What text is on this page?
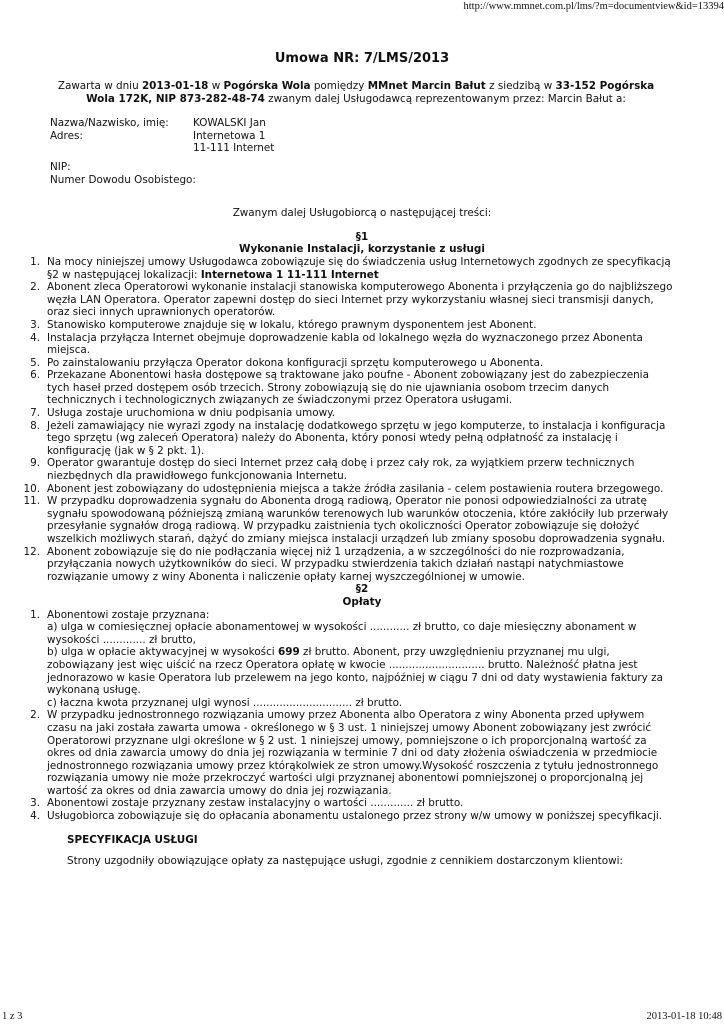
http://www.mmnet.com.pl/lms/?m=documentview&id=13394
Umowa NR: 7/LMS/2013
Zawarta w dniu 2013-01-18 w Pogórska Wola pomiędzy MMnet Marcin Bałut z siedzibą w 33-152 Pogórska Wola 172K, NIP 873-282-48-74 zwanym dalej Usługodawcą reprezentowanym przez: Marcin Bałut a:
Nazwa/Nazwisko, imię:	KOWALSKI Jan
Adres:	Internetowa 1
11-111 Internet
NIP:
Numer Dowodu Osobistego:
Zwanym dalej Usługobiorcą o następującej treści:
§1
Wykonanie Instalacji, korzystanie z usługi
1. Na mocy niniejszej umowy Usługodawca zobowiązuje się do świadczenia usług Internetowych zgodnych ze specyfikacją §2 w następującej lokalizacji: Internetowa 1 11-111 Internet
2. Abonent zleca Operatorowi wykonanie instalacji stanowiska komputerowego Abonenta i przyłączenia go do najbliższego węzła LAN Operatora. Operator zapewni dostęp do sieci Internet przy wykorzystaniu własnej sieci transmisji danych, oraz sieci innych uprawnionych operatorów.
3. Stanowisko komputerowe znajduje się w lokalu, którego prawnym dysponentem jest Abonent.
4. Instalacja przyłącza Internet obejmuje doprowadzenie kabla od lokalnego węzła do wyznaczonego przez Abonenta miejsca.
5. Po zainstalowaniu przyłącza Operator dokona konfiguracji sprzętu komputerowego u Abonenta.
6. Przekazane Abonentowi hasła dostępowe są traktowane jako poufne - Abonent zobowiązany jest do zabezpieczenia tych haseł przed dostępem osób trzecich. Strony zobowiązują się do nie ujawniania osobom trzecim danych technicznych i technologicznych związanych ze świadczonymi przez Operatora usługami.
7. Usługa zostaje uruchomiona w dniu podpisania umowy.
8. Jeżeli zamawiający nie wyrazi zgody na instalację dodatkowego sprzętu w jego komputerze, to instalacja i konfiguracja tego sprzętu (wg zaleceń Operatora) należy do Abonenta, który ponosi wtedy pełną odpłatność za instalację i konfigurację (jak w § 2 pkt. 1).
9. Operator gwarantuje dostęp do sieci Internet przez całą dobę i przez cały rok, za wyjątkiem przerw technicznych niezbędnych dla prawidłowego funkcjonowania Internetu.
10. Abonent jest zobowiązany do udostępnienia miejsca a także źródła zasilania - celem postawienia routera brzegowego.
11. W przypadku doprowadzenia sygnału do Abonenta drogą radiową, Operator nie ponosi odpowiedzialności za utratę sygnału spowodowaną późniejszą zmianą warunków terenowych lub warunków otoczenia, które zakłóciły lub przerwały przesyłanie sygnałów drogą radiową. W przypadku zaistnienia tych okoliczności Operator zobowiązuje się dołożyć wszelkich możliwych starań, dążyć do zmiany miejsca instalacji urządzeń lub zmiany sposobu doprowadzenia sygnału.
12. Abonent zobowiązuje się do nie podłączania więcej niż 1 urządzenia, a w szczególności do nie rozprowadzania, przyłączania nowych użytkowników do sieci. W przypadku stwierdzenia takich działań nastąpi natychmiastowe rozwiązanie umowy z winy Abonenta i naliczenie opłaty karnej wyszczególnionej w umowie.
§2
Opłaty
1. Abonentowi zostaje przyznana:
a) ulga w comiesięcznej opłacie abonamentowej w wysokości ............ zł brutto, co daje miesięczny abonament w wysokości ............. zł brutto,
b) ulga w opłacie aktywacyjnej w wysokości 699 zł brutto. Abonent, przy uwzględnieniu przyznanej mu ulgi, zobowiązany jest więc uiścić na rzecz Operatora opłatę w kwocie ............................. brutto. Należność płatna jest jednorazowo w kasie Operatora lub przelewem na jego konto, najpóźniej w ciągu 7 dni od daty wystawienia faktury za wykonaną usługę.
c) łaczna kwota przyznanej ulgi wynosi .............................. zł brutto.
2. W przypadku jednostronnego rozwiązania umowy przez Abonenta albo Operatora z winy Abonenta przed upływem czasu na jaki została zawarta umowa - określonego w § 3 ust. 1 niniejszej umowy Abonent zobowiązany jest zwrócić Operatorowi przyznane ulgi określone w § 2 ust. 1 niniejszej umowy, pomniejszone o ich proporcjonalną wartość za okres od dnia zawarcia umowy do dnia jej rozwiązania w terminie 7 dni od daty złożenia oświadczenia w przedmiocie jednostronnego rozwiązania umowy przez którąkolwiek ze stron umowy.Wysokość roszczenia z tytułu jednostronnego rozwiązania umowy nie może przekroczyć wartości ulgi przyznanej abonentowi pomniejszonej o proporcjonalną jej wartość za okres od dnia zawarcia umowy do dnia jej rozwiązania.
3. Abonentowi zostaje przyznany zestaw instalacyjny o wartości ............. zł brutto.
4. Usługobiorca zobowiązuje się do opłacania abonamentu ustalonego przez strony w/w umowy w poniższej specyfikacji.
SPECYFIKACJA USŁUGI
Strony uzgodniły obowiązujące opłaty za następujące usługi, zgodnie z cennikiem dostarczonym klientowi:
1 z 3	2013-01-18 10:48
